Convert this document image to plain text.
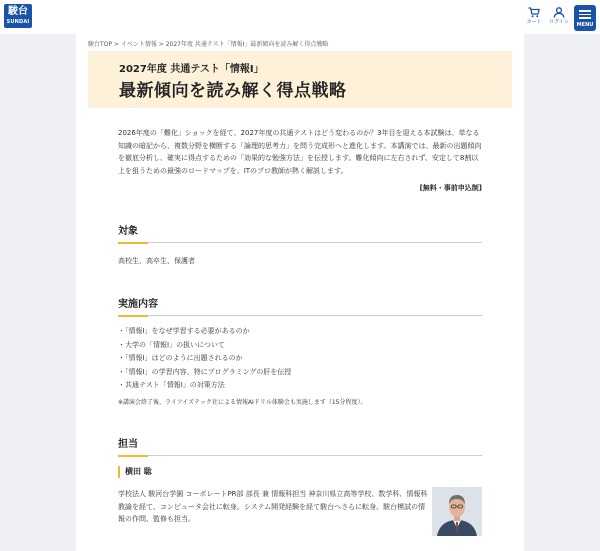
駿台
SUNDAI	カート	ログイン	MENU
駿台TOP > イベント情報 > 2027年度 共通テスト「情報Ⅰ」最新傾向を読み解く得点戦略
2027年度 共通テスト「情報Ⅰ」
最新傾向を読み解く得点戦略

2026年度の「難化」ショックを経て、2027年度の共通テストはどう変わるのか？3年目を迎える本試験は、単なる知識の暗記から、複数分野を横断する「論理的思考力」を問う完成形へと進化します。本講演では、最新の出題傾向を徹底分析し、確実に得点するための「効果的な勉強方法」を伝授します。難化傾向に左右されず、安定して8割以上を狙うための最強のロードマップを、ITのプロ教師が熱く解説します。

[無料・事前申込制]
対象
高校生、高卒生、保護者
実施内容
・「情報Ⅰ」をなぜ学習する必要があるのか
・大学の「情報Ⅰ」の扱いについて
・「情報Ⅰ」はどのように出題されるのか
・「情報Ⅰ」の学習内容、特にプログラミングの肝を伝授
・共通テスト「情報Ⅰ」の対策方法
※講演会終了後、ライフイズテック社による情報AIドリル体験会も実施します（15分程度）。
担当
横田 聡

学校法人 駿河台学園 コーポレートPR部 部長 兼 情報科担当 神奈川県立高等学校、数学科、情報科教諭を経て、コンピュータ会社に転身。システム開発経験を経て駿台へさらに転身。駿台模試の情報の作問、監修も担当。
